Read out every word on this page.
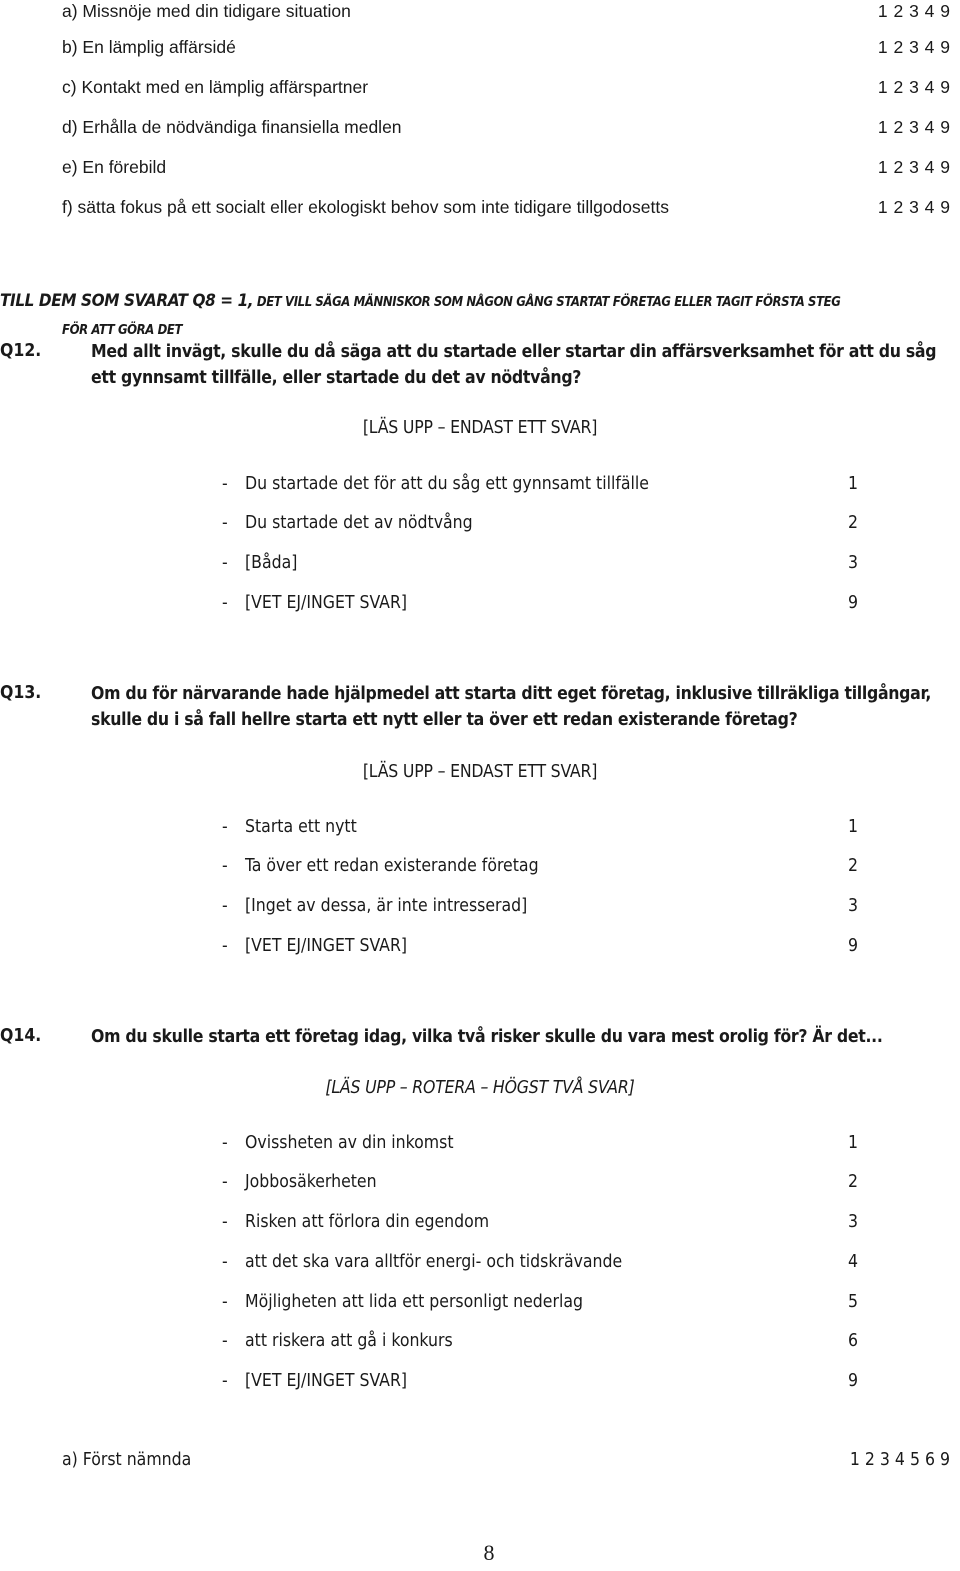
a) Missnöje med din tidigare situation	1 2 3 4 9
b) En lämplig affärsidé	1 2 3 4 9
c) Kontakt med en lämplig affärspartner	1 2 3 4 9
d) Erhålla de nödvändiga finansiella medlen	1 2 3 4 9
e) En förebild	1 2 3 4 9
f) sätta fokus på ett socialt eller ekologiskt behov som inte tidigare tillgodosetts	1 2 3 4 9
TILL DEM SOM SVARAT Q8 = 1, DET VILL SÄGA MÄNNISKOR SOM NÅGON GÅNG STARTAT FÖRETAG ELLER TAGIT FÖRSTA STEG
FÖR ATT GÖRA DET
Q12.	Med allt invägt, skulle du då säga att du startade eller startar din affärsverksamhet för att du såg
ett gynnsamt tillfälle, eller startade du det av nödtvång?
[LÄS UPP – ENDAST ETT SVAR]
- Du startade det för att du såg ett gynnsamt tillfälle	1
- Du startade det av nödtvång	2
- [Båda]	3
- [VET EJ/INGET SVAR]	9
Q13.	Om du för närvarande hade hjälpmedel att starta ditt eget företag, inklusive tillräkliga tillgångar,
skulle du i så fall hellre starta ett nytt eller ta över ett redan existerande företag?
[LÄS UPP – ENDAST ETT SVAR]
- Starta ett nytt	1
- Ta över ett redan existerande företag	2
- [Inget av dessa, är inte intresserad]	3
- [VET EJ/INGET SVAR]	9
Q14.	Om du skulle starta ett företag idag, vilka två risker skulle du vara mest orolig för? Är det...
[LÄS UPP – ROTERA – HÖGST TVÅ SVAR]
- Ovissheten av din inkomst	1
- Jobbosäkerheten	2
- Risken att förlora din egendom	3
- att det ska vara alltför energi- och tidskrävande	4
- Möjligheten att lida ett personligt nederlag	5
- att riskera att gå i konkurs	6
- [VET EJ/INGET SVAR]	9
a) Först nämnda	1 2 3 4 5 6 9
8
